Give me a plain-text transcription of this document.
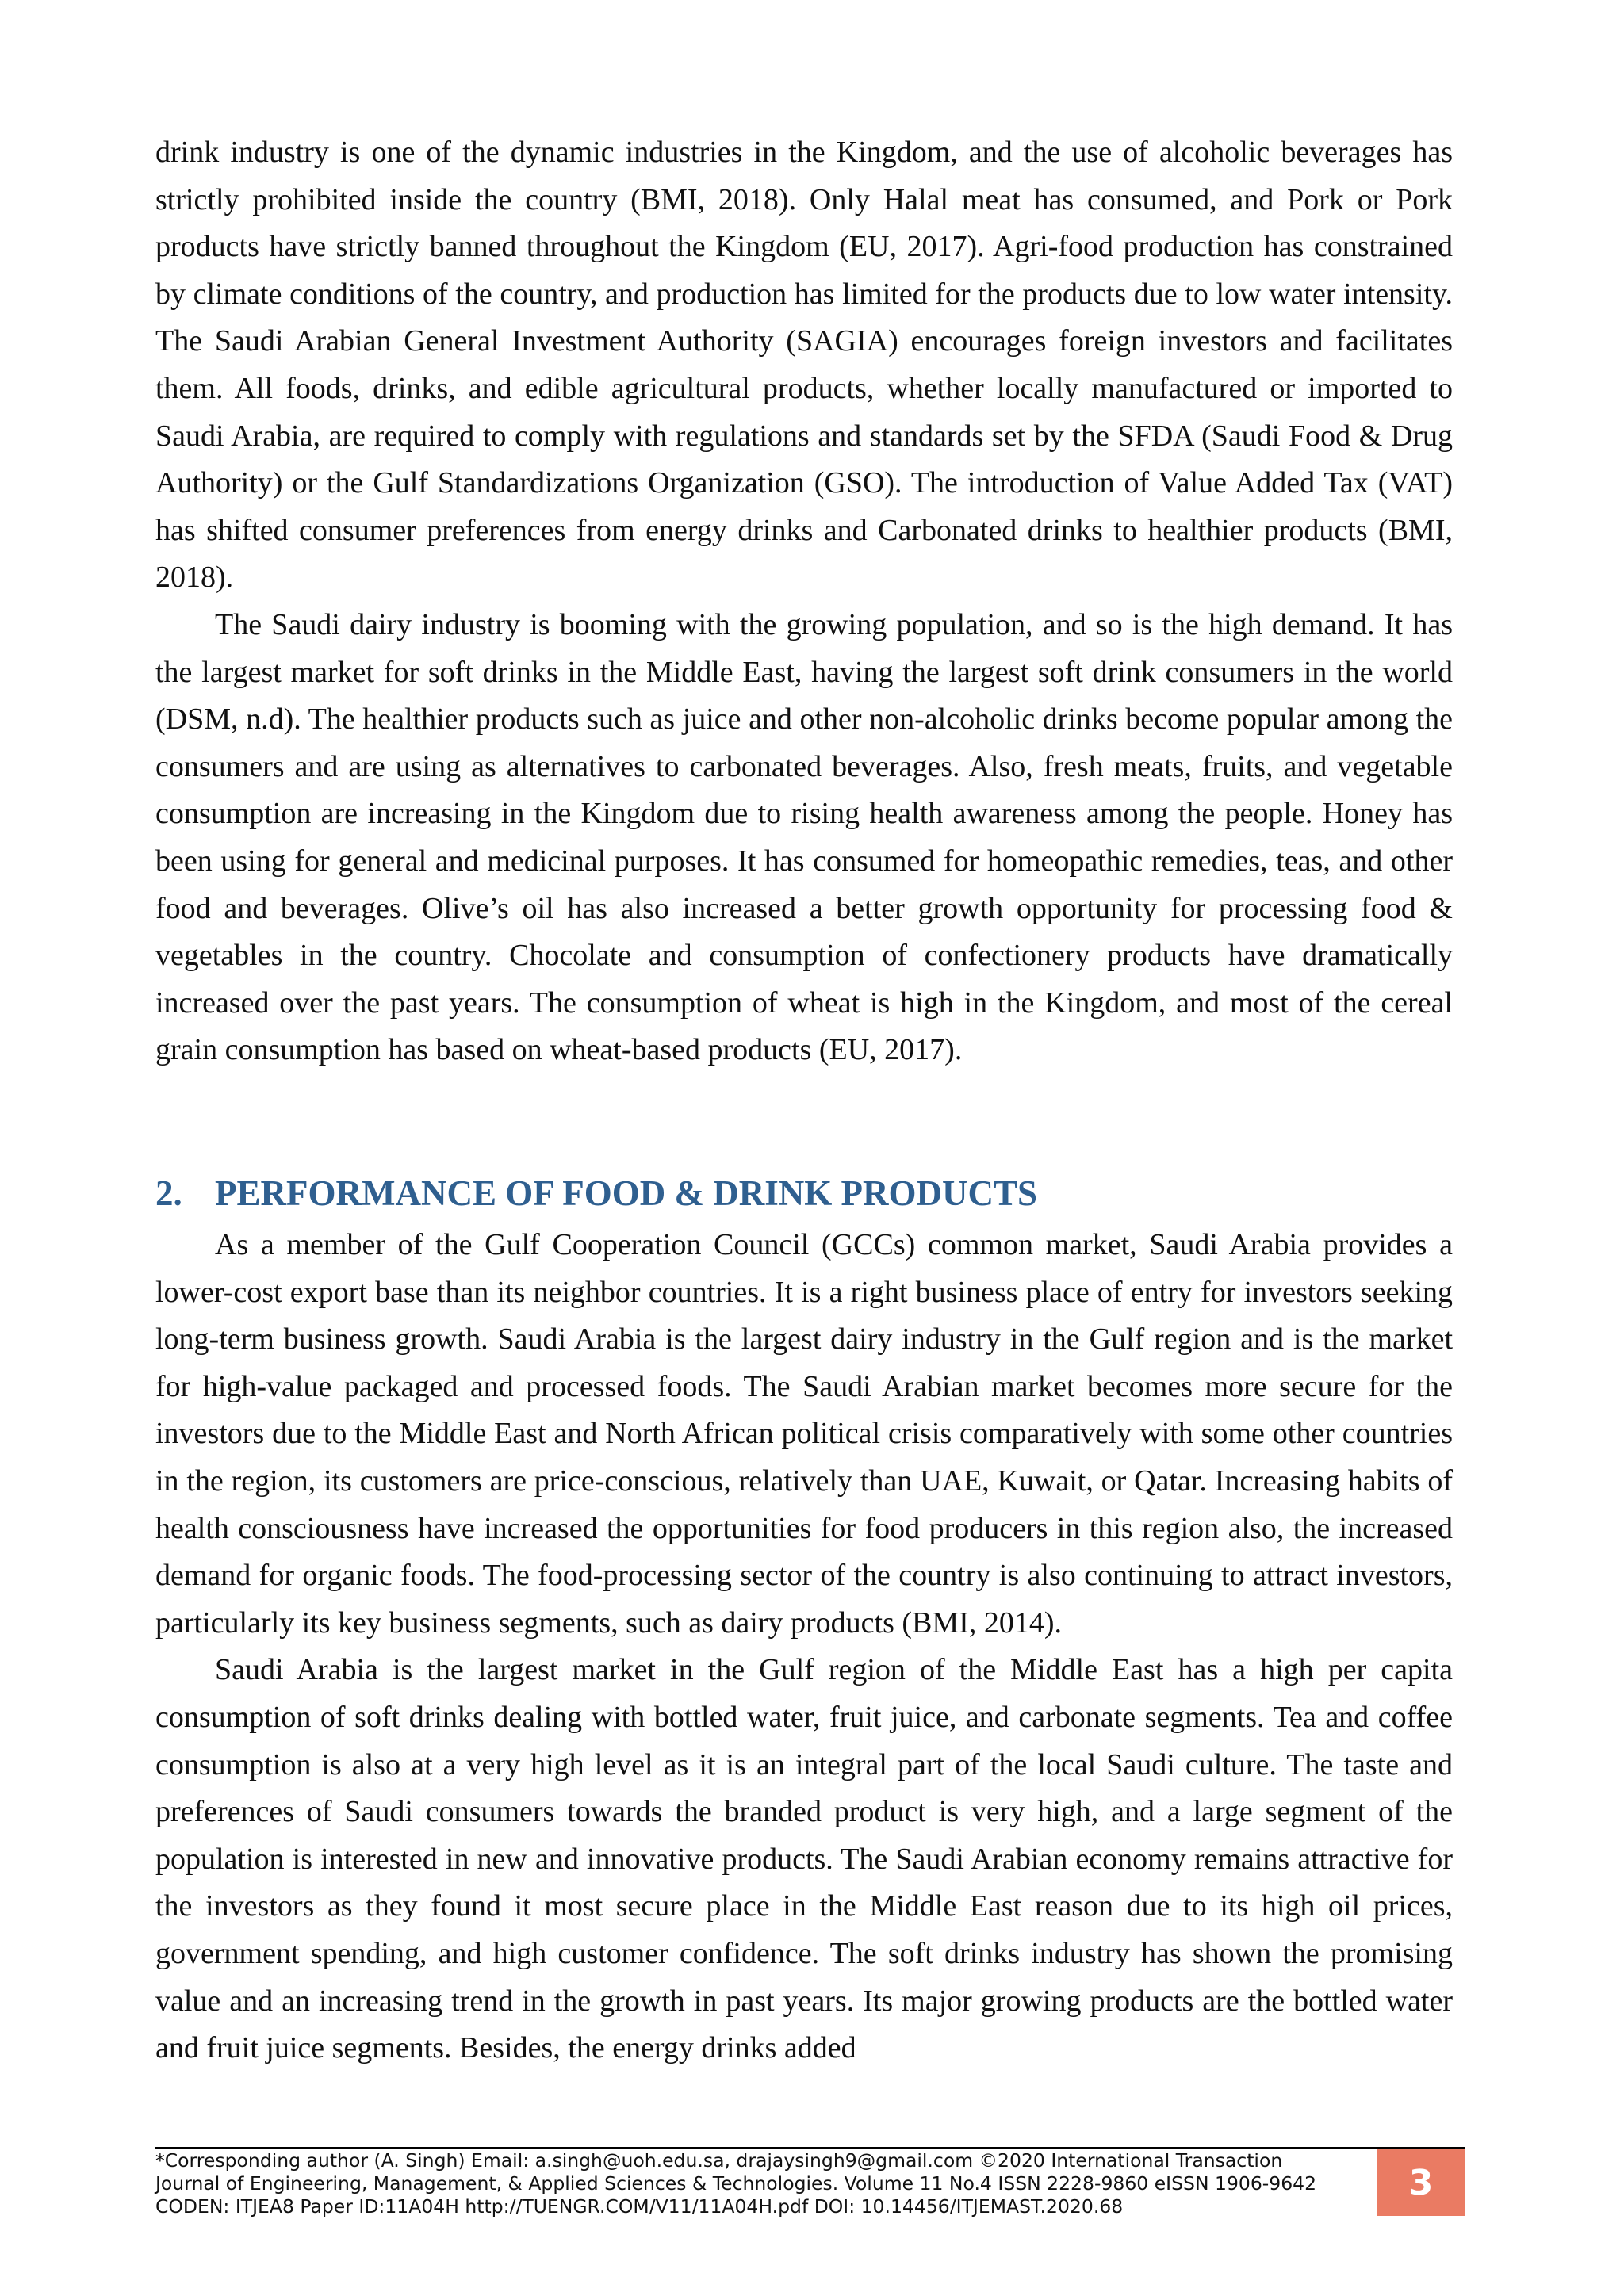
drink industry is one of the dynamic industries in the Kingdom, and the use of alcoholic beverages has strictly prohibited inside the country (BMI, 2018). Only Halal meat has consumed, and Pork or Pork products have strictly banned throughout the Kingdom (EU, 2017). Agri-food production has constrained by climate conditions of the country, and production has limited for the products due to low water intensity. The Saudi Arabian General Investment Authority (SAGIA) encourages foreign investors and facilitates them. All foods, drinks, and edible agricultural products, whether locally manufactured or imported to Saudi Arabia, are required to comply with regulations and standards set by the SFDA (Saudi Food & Drug Authority) or the Gulf Standardizations Organization (GSO). The introduction of Value Added Tax (VAT) has shifted consumer preferences from energy drinks and Carbonated drinks to healthier products (BMI, 2018).

The Saudi dairy industry is booming with the growing population, and so is the high demand. It has the largest market for soft drinks in the Middle East, having the largest soft drink consumers in the world (DSM, n.d). The healthier products such as juice and other non-alcoholic drinks become popular among the consumers and are using as alternatives to carbonated beverages. Also, fresh meats, fruits, and vegetable consumption are increasing in the Kingdom due to rising health awareness among the people. Honey has been using for general and medicinal purposes. It has consumed for homeopathic remedies, teas, and other food and beverages. Olive’s oil has also increased a better growth opportunity for processing food & vegetables in the country. Chocolate and consumption of confectionery products have dramatically increased over the past years. The consumption of wheat is high in the Kingdom, and most of the cereal grain consumption has based on wheat-based products (EU, 2017).

2. PERFORMANCE OF FOOD & DRINK PRODUCTS

As a member of the Gulf Cooperation Council (GCCs) common market, Saudi Arabia provides a lower-cost export base than its neighbor countries. It is a right business place of entry for investors seeking long-term business growth. Saudi Arabia is the largest dairy industry in the Gulf region and is the market for high-value packaged and processed foods. The Saudi Arabian market becomes more secure for the investors due to the Middle East and North African political crisis comparatively with some other countries in the region, its customers are price-conscious, relatively than UAE, Kuwait, or Qatar. Increasing habits of health consciousness have increased the opportunities for food producers in this region also, the increased demand for organic foods. The food-processing sector of the country is also continuing to attract investors, particularly its key business segments, such as dairy products (BMI, 2014).

Saudi Arabia is the largest market in the Gulf region of the Middle East has a high per capita consumption of soft drinks dealing with bottled water, fruit juice, and carbonate segments. Tea and coffee consumption is also at a very high level as it is an integral part of the local Saudi culture. The taste and preferences of Saudi consumers towards the branded product is very high, and a large segment of the population is interested in new and innovative products. The Saudi Arabian economy remains attractive for the investors as they found it most secure place in the Middle East reason due to its high oil prices, government spending, and high customer confidence. The soft drinks industry has shown the promising value and an increasing trend in the growth in past years. Its major growing products are the bottled water and fruit juice segments. Besides, the energy drinks added

*Corresponding author (A. Singh) Email: a.singh@uoh.edu.sa, drajaysingh9@gmail.com ©2020 International Transaction
Journal of Engineering, Management, & Applied Sciences & Technologies. Volume 11 No.4 ISSN 2228-9860 eISSN 1906-9642
CODEN: ITJEA8 Paper ID:11A04H http://TUENGR.COM/V11/11A04H.pdf DOI: 10.14456/ITJEMAST.2020.68
3
